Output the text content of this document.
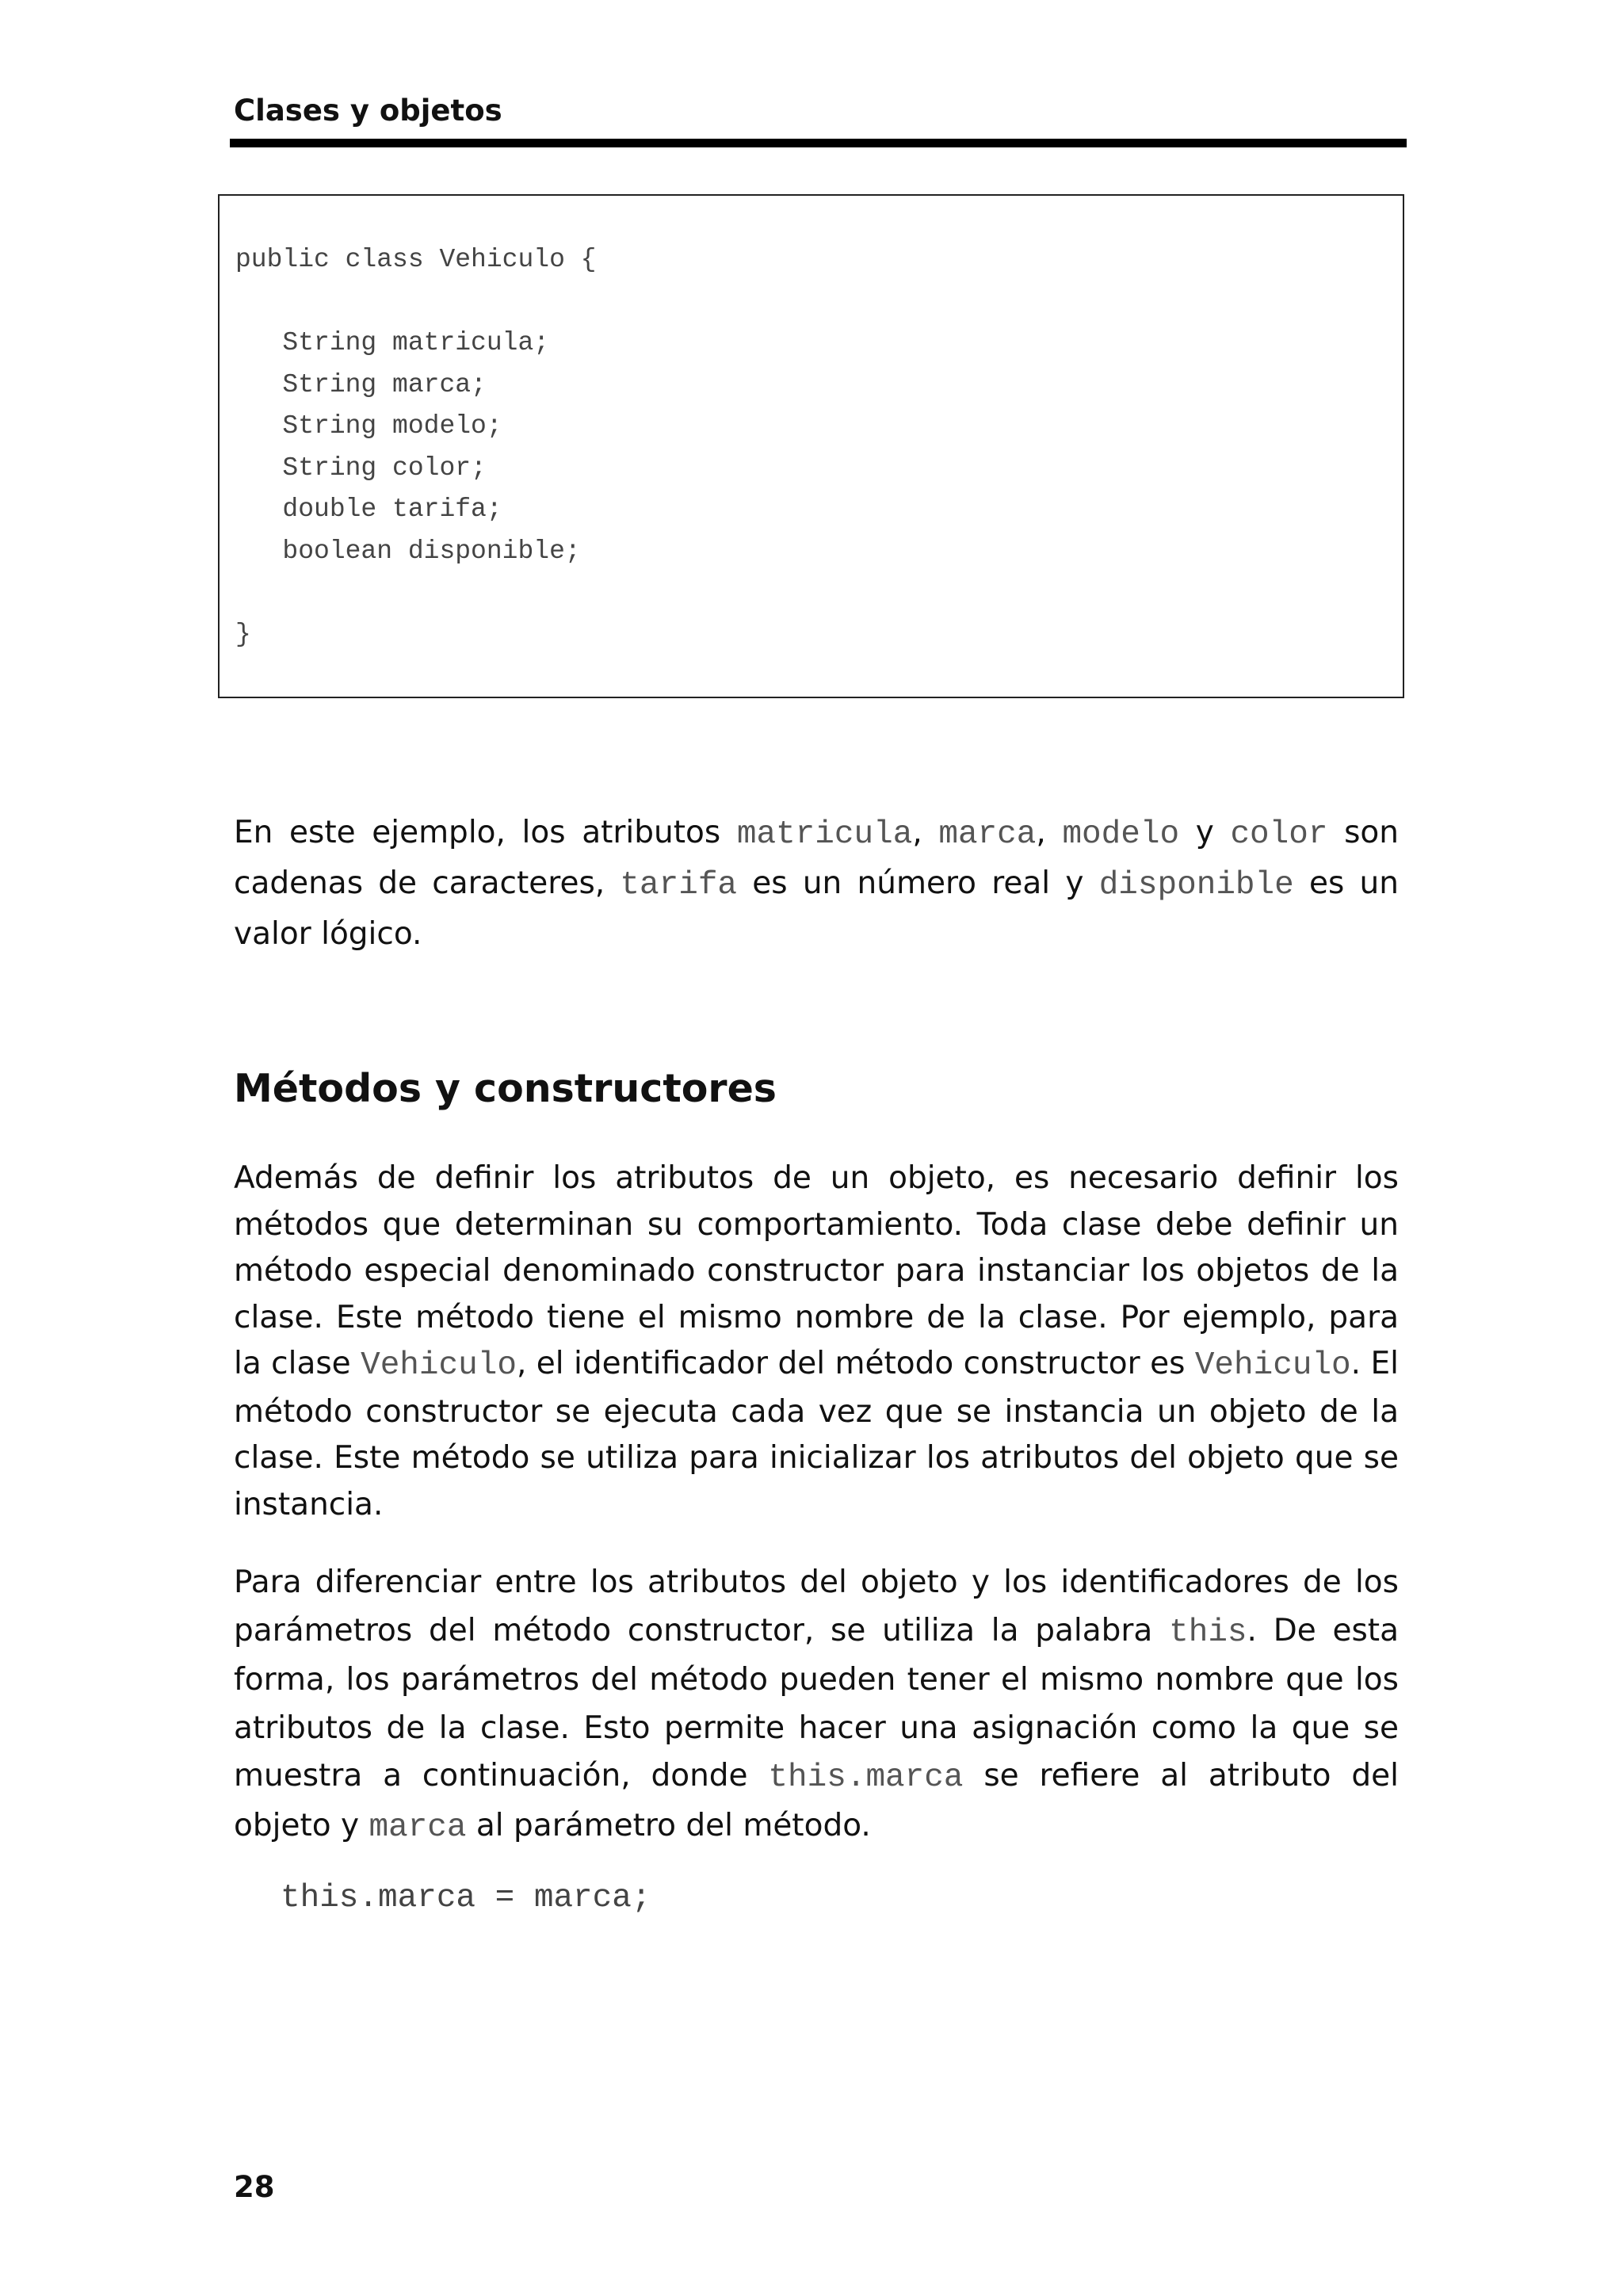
Clases y objetos
public class Vehiculo {

String matricula;
String marca;
String modelo;
String color;
double tarifa;
boolean disponible;

}

En este ejemplo, los atributos matricula, marca, modelo y color son cadenas de caracteres, tarifa es un número real y disponible es un valor lógico.

Métodos y constructores

Además de definir los atributos de un objeto, es necesario definir los métodos que determinan su comportamiento. Toda clase debe definir un método especial denominado constructor para instanciar los objetos de la clase. Este método tiene el mismo nombre de la clase. Por ejemplo, para la clase Vehiculo, el identificador del método constructor es Vehiculo. El método constructor se ejecuta cada vez que se instancia un objeto de la clase. Este método se utiliza para inicializar los atributos del objeto que se instancia.

Para diferenciar entre los atributos del objeto y los identificadores de los parámetros del método constructor, se utiliza la palabra this. De esta forma, los parámetros del método pueden tener el mismo nombre que los atributos de la clase. Esto permite hacer una asignación como la que se muestra a continuación, donde this.marca se refiere al atributo del objeto y marca al parámetro del método.

this.marca = marca;

28
